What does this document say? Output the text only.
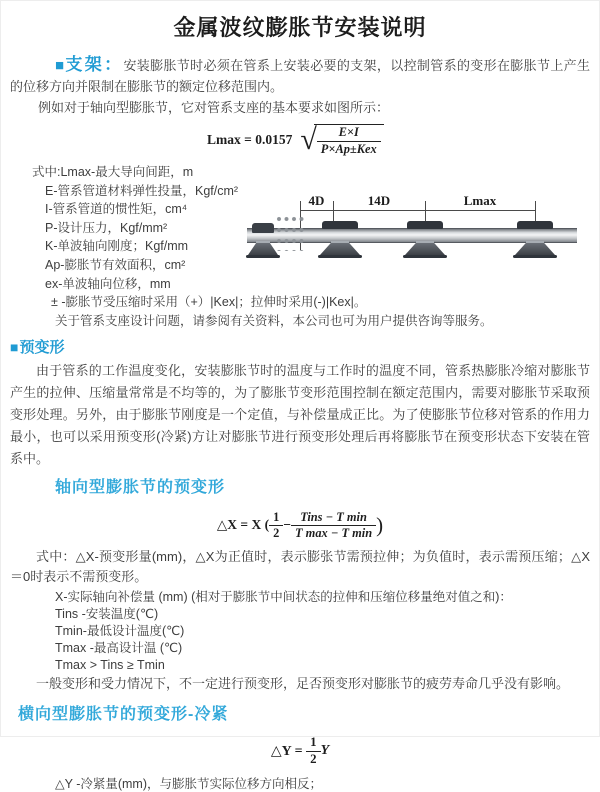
金属波纹膨胀节安装说明

■支架：安装膨胀节时必须在管系上安装必要的支架，以控制管系的变形在膨胀节上产生的位移方向并限制在膨胀节的额定位移范围内。

例如对于轴向型膨胀节，它对管系支座的基本要求如图所示：

Lmax = 0.0157 √ $\frac{E\times I}{\text{P×Ap±Kex}}$
式中:Lmax-最大导向间距，m
E-管系管道材料弹性投量，Kgf/cm²
I-管系管道的惯性矩，cm⁴
P-设计压力，Kgf/mm²
K-单波轴向刚度；Kgf/mm
Ap-膨胀节有效面积，cm²
ex-单波轴向位移，mm
± -膨胀节受压缩时采用（+）|Kex|；拉伸时采用(-)|Kex|。
关于管系支座设计问题，请参阅有关资料，本公司也可为用户提供咨询等服务。
■预变形

由于管系的工作温度变化，安装膨胀节时的温度与工作时的温度不同，管系热膨胀冷缩对膨胀节产生的拉伸、压缩量常常是不均等的，为了膨胀节变形范围控制在额定范围内，需要对膨胀节采取预变形处理。另外，由于膨胀节刚度是一个定值，与补偿量成正比。为了使膨胀节位移对管系的作用力最小，也可以采用预变形(冷紧)方让对膨胀节进行预变形处理后再将膨胀节在预变形状态下安装在管系中。

轴向型膨胀节的预变形
△X = X ( $\frac{1}{2} - \frac{\text{Tins − T min}}{\text{T max − T min}}$ )

式中：△X-预变形量(mm)，△X为正值时，表示膨张节需预拉伸；为负值时，表示需预压缩；△X＝0时表示不需预变形。

X-实际轴向补偿量 (mm) (相对于膨胀节中间状态的拉伸和压缩位移量绝对值之和)：
Tins -安装温度(℃)
Tmin-最低设计温度(℃)
Tmax -最高设计温 (℃)
Tmax > Tins ≥ Tmin

一般变形和受力情况下，不一定进行预变形，足否预变形对膨胀节的疲劳寿命几乎没有影响。

横向型膨胀节的预变形-冷紧
△Y =
$\frac{1}{2}$ Y

△Y -冷紧量(mm)，与膨胀节实际位移方向相反；

4D	14D	Lmax
